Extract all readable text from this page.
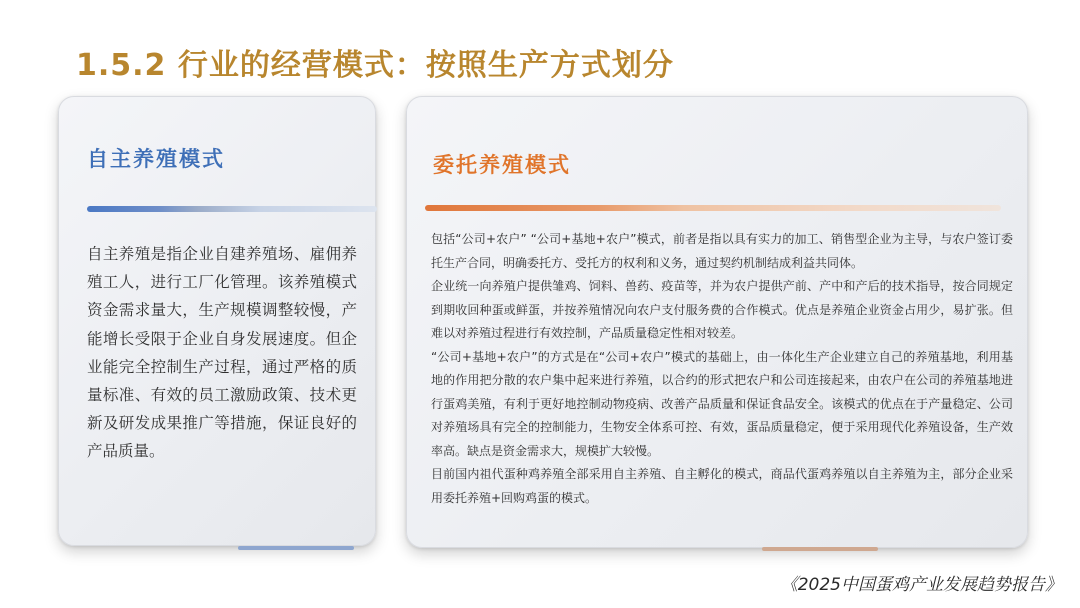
1.5.2 行业的经营模式：按照生产方式划分
自主养殖模式

自主养殖是指企业自建养殖场、雇佣养殖工人，进行工厂化管理。该养殖模式资金需求量大，生产规模调整较慢，产能增长受限于企业自身发展速度。但企业能完全控制生产过程，通过严格的质量标准、有效的员工激励政策、技术更新及研发成果推广等措施，保证良好的产品质量。

委托养殖模式

包括“公司+农户” “公司+基地+农户”模式，前者是指以具有实力的加工、销售型企业为主导，与农户签订委托生产合同，明确委托方、受托方的权利和义务，通过契约机制结成利益共同体。

企业统一向养殖户提供雏鸡、饲料、兽药、疫苗等，并为农户提供产前、产中和产后的技术指导，按合同规定到期收回种蛋或鲜蛋，并按养殖情况向农户支付服务费的合作模式。优点是养殖企业资金占用少，易扩张。但难以对养殖过程进行有效控制，产品质量稳定性相对较差。

“公司+基地+农户”的方式是在“公司+农户”模式的基础上，由一体化生产企业建立自己的养殖基地，利用基地的作用把分散的农户集中起来进行养殖，以合约的形式把农户和公司连接起来，由农户在公司的养殖基地进行蛋鸡美殖，有利于更好地控制动物疫病、改善产品质量和保证食品安全。该模式的优点在于产量稳定、公司对养殖场具有完全的控制能力，生物安全体系可控、有效，蛋品质量稳定，便于采用现代化养殖设备，生产效率高。缺点是资金需求大，规模扩大较慢。

目前国内祖代蛋种鸡养殖全部采用自主养殖、自主孵化的模式，商品代蛋鸡养殖以自主养殖为主，部分企业采用委托养殖+回购鸡蛋的模式。

《2025中国蛋鸡产业发展趋势报告》
